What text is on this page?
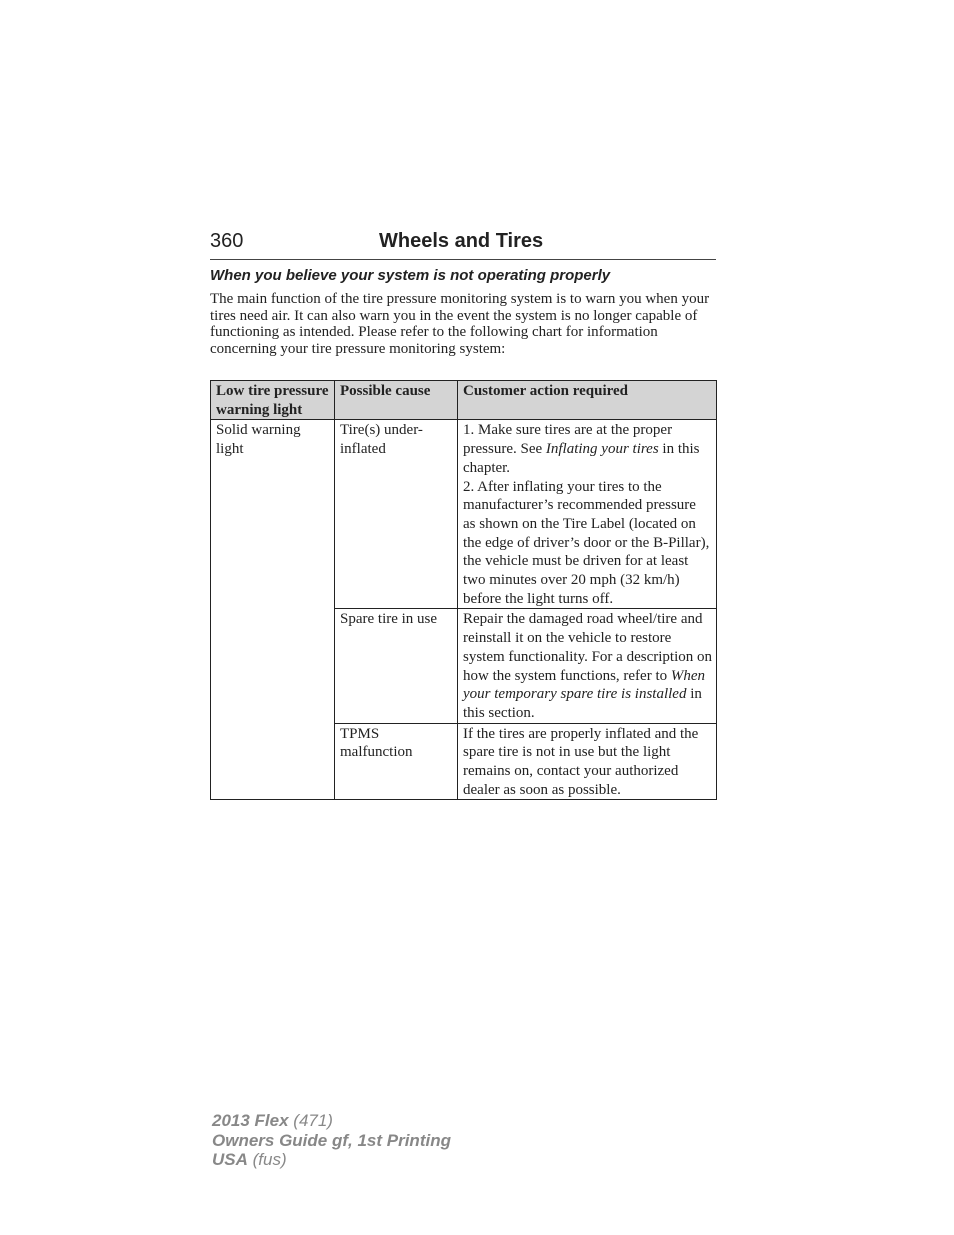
360	Wheels and Tires
When you believe your system is not operating properly
The main function of the tire pressure monitoring system is to warn you when your tires need air. It can also warn you in the event the system is no longer capable of functioning as intended. Please refer to the following chart for information concerning your tire pressure monitoring system:
Low tire pressure warning light	Possible cause	Customer action required
Solid warning light	Tire(s) under-inflated	1. Make sure tires are at the proper pressure. See Inflating your tires in this chapter.
2. After inflating your tires to the manufacturer’s recommended pressure as shown on the Tire Label (located on the edge of driver’s door or the B-Pillar), the vehicle must be driven for at least two minutes over 20 mph (32 km/h) before the light turns off.
	Spare tire in use	Repair the damaged road wheel/tire and reinstall it on the vehicle to restore system functionality. For a description on how the system functions, refer to When your temporary spare tire is installed in this section.
	TPMS malfunction	If the tires are properly inflated and the spare tire is not in use but the light remains on, contact your authorized dealer as soon as possible.
2013 Flex (471)
Owners Guide gf, 1st Printing
USA (fus)
